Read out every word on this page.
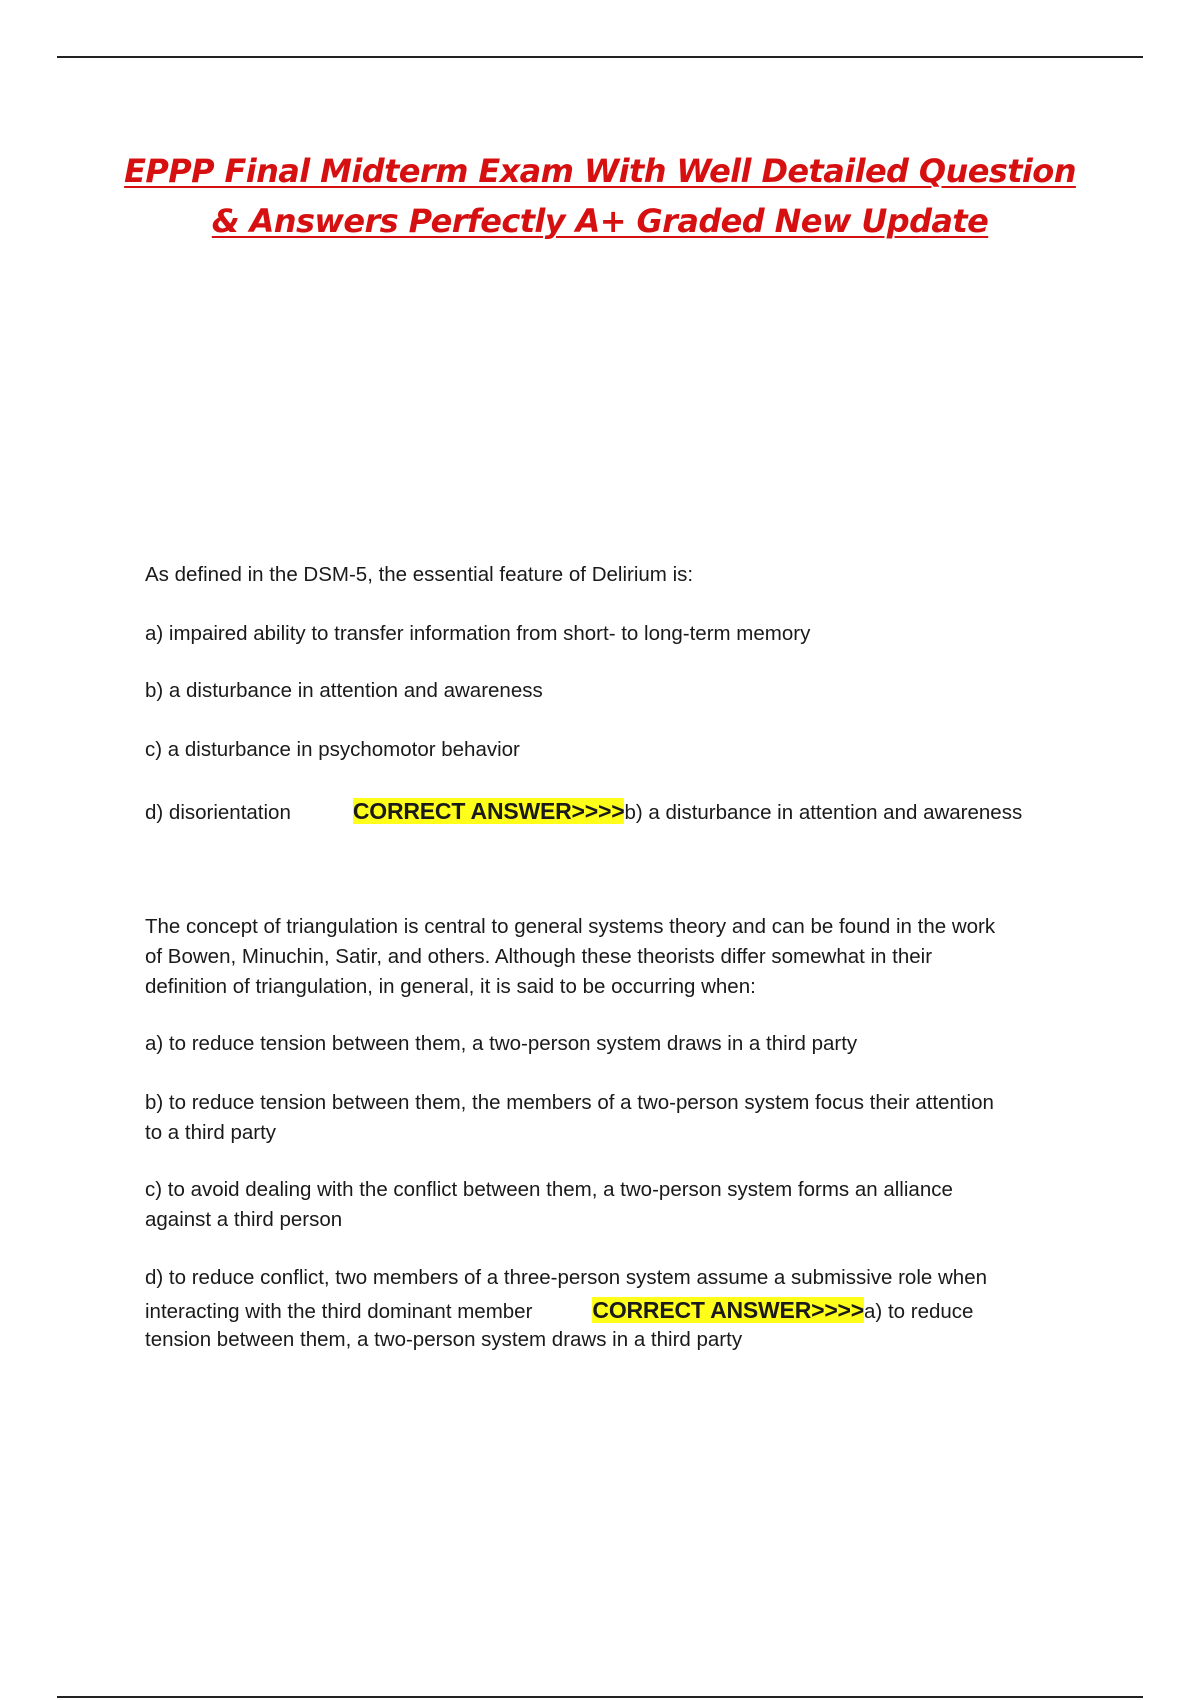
EPPP Final Midterm Exam With Well Detailed Question
& Answers Perfectly A+ Graded New Update
As defined in the DSM-5, the essential feature of Delirium is:
a) impaired ability to transfer information from short- to long-term memory
b) a disturbance in attention and awareness
c) a disturbance in psychomotor behavior
d) disorientation	CORRECT ANSWER>>>>b) a disturbance in attention and awareness
The concept of triangulation is central to general systems theory and can be found in the work
of Bowen, Minuchin, Satir, and others. Although these theorists differ somewhat in their
definition of triangulation, in general, it is said to be occurring when:
a) to reduce tension between them, a two-person system draws in a third party
b) to reduce tension between them, the members of a two-person system focus their attention
to a third party
c) to avoid dealing with the conflict between them, a two-person system forms an alliance
against a third person
d) to reduce conflict, two members of a three-person system assume a submissive role when
interacting with the third dominant member	CORRECT ANSWER>>>>a) to reduce
tension between them, a two-person system draws in a third party
